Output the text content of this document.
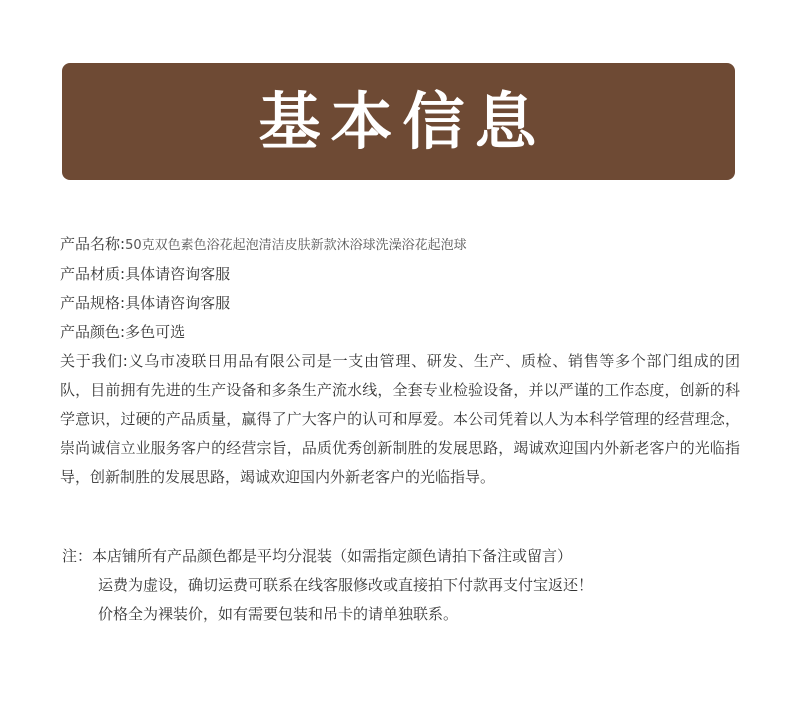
基本信息
产品名称:50克双色素色浴花起泡清洁皮肤新款沐浴球洗澡浴花起泡球
产品材质:具体请咨询客服
产品规格:具体请咨询客服
产品颜色:多色可选
关于我们:义乌市凌联日用品有限公司是一支由管理、研发、生产、质检、销售等多个部门组成的团队，目前拥有先进的生产设备和多条生产流水线，全套专业检验设备，并以严谨的工作态度，创新的科学意识，过硬的产品质量，赢得了广大客户的认可和厚爱。本公司凭着以人为本科学管理的经营理念，崇尚诚信立业服务客户的经营宗旨，品质优秀创新制胜的发展思路，竭诚欢迎国内外新老客户的光临指导，创新制胜的发展思路，竭诚欢迎国内外新老客户的光临指导。
注：本店铺所有产品颜色都是平均分混装（如需指定颜色请拍下备注或留言）
运费为虚设，确切运费可联系在线客服修改或直接拍下付款再支付宝返还！
价格全为裸装价，如有需要包装和吊卡的请单独联系。
